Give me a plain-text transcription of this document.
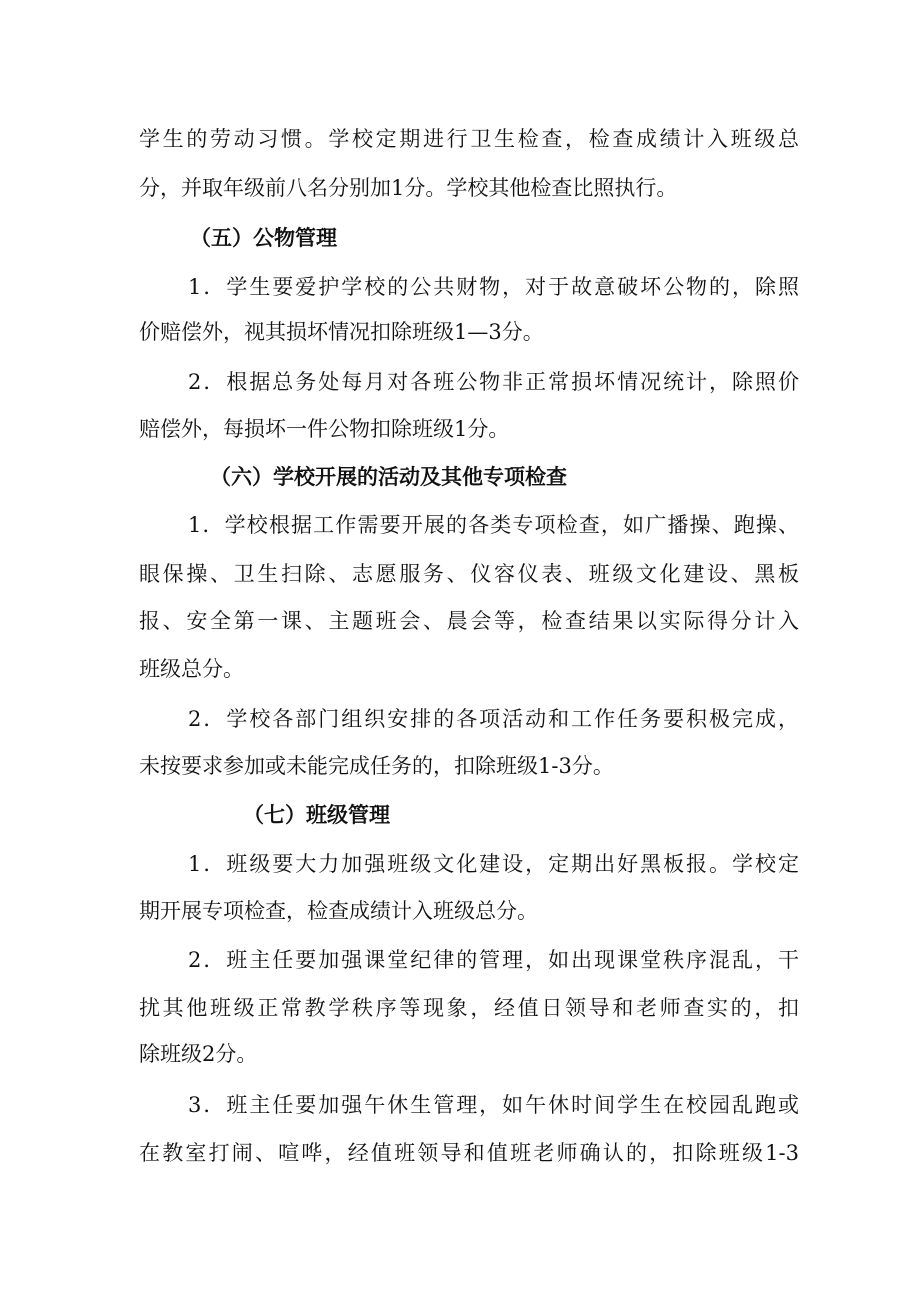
学生的劳动习惯。学校定期进行卫生检查，检查成绩计入班级总
分，并取年级前八名分别加1分。学校其他检查比照执行。
（五）公物管理
1．学生要爱护学校的公共财物，对于故意破坏公物的，除照
价赔偿外，视其损坏情况扣除班级1—3分。
2．根据总务处每月对各班公物非正常损坏情况统计，除照价
赔偿外，每损坏一件公物扣除班级1分。
（六）学校开展的活动及其他专项检查
1．学校根据工作需要开展的各类专项检查，如广播操、跑操、
眼保操、卫生扫除、志愿服务、仪容仪表、班级文化建设、黑板
报、安全第一课、主题班会、晨会等，检查结果以实际得分计入
班级总分。
2．学校各部门组织安排的各项活动和工作任务要积极完成，
未按要求参加或未能完成任务的，扣除班级1-3分。
（七）班级管理
1．班级要大力加强班级文化建设，定期出好黑板报。学校定
期开展专项检查，检查成绩计入班级总分。
2．班主任要加强课堂纪律的管理，如出现课堂秩序混乱，干
扰其他班级正常教学秩序等现象，经值日领导和老师查实的，扣
除班级2分。
3．班主任要加强午休生管理，如午休时间学生在校园乱跑或
在教室打闹、喧哗，经值班领导和值班老师确认的，扣除班级1-3
